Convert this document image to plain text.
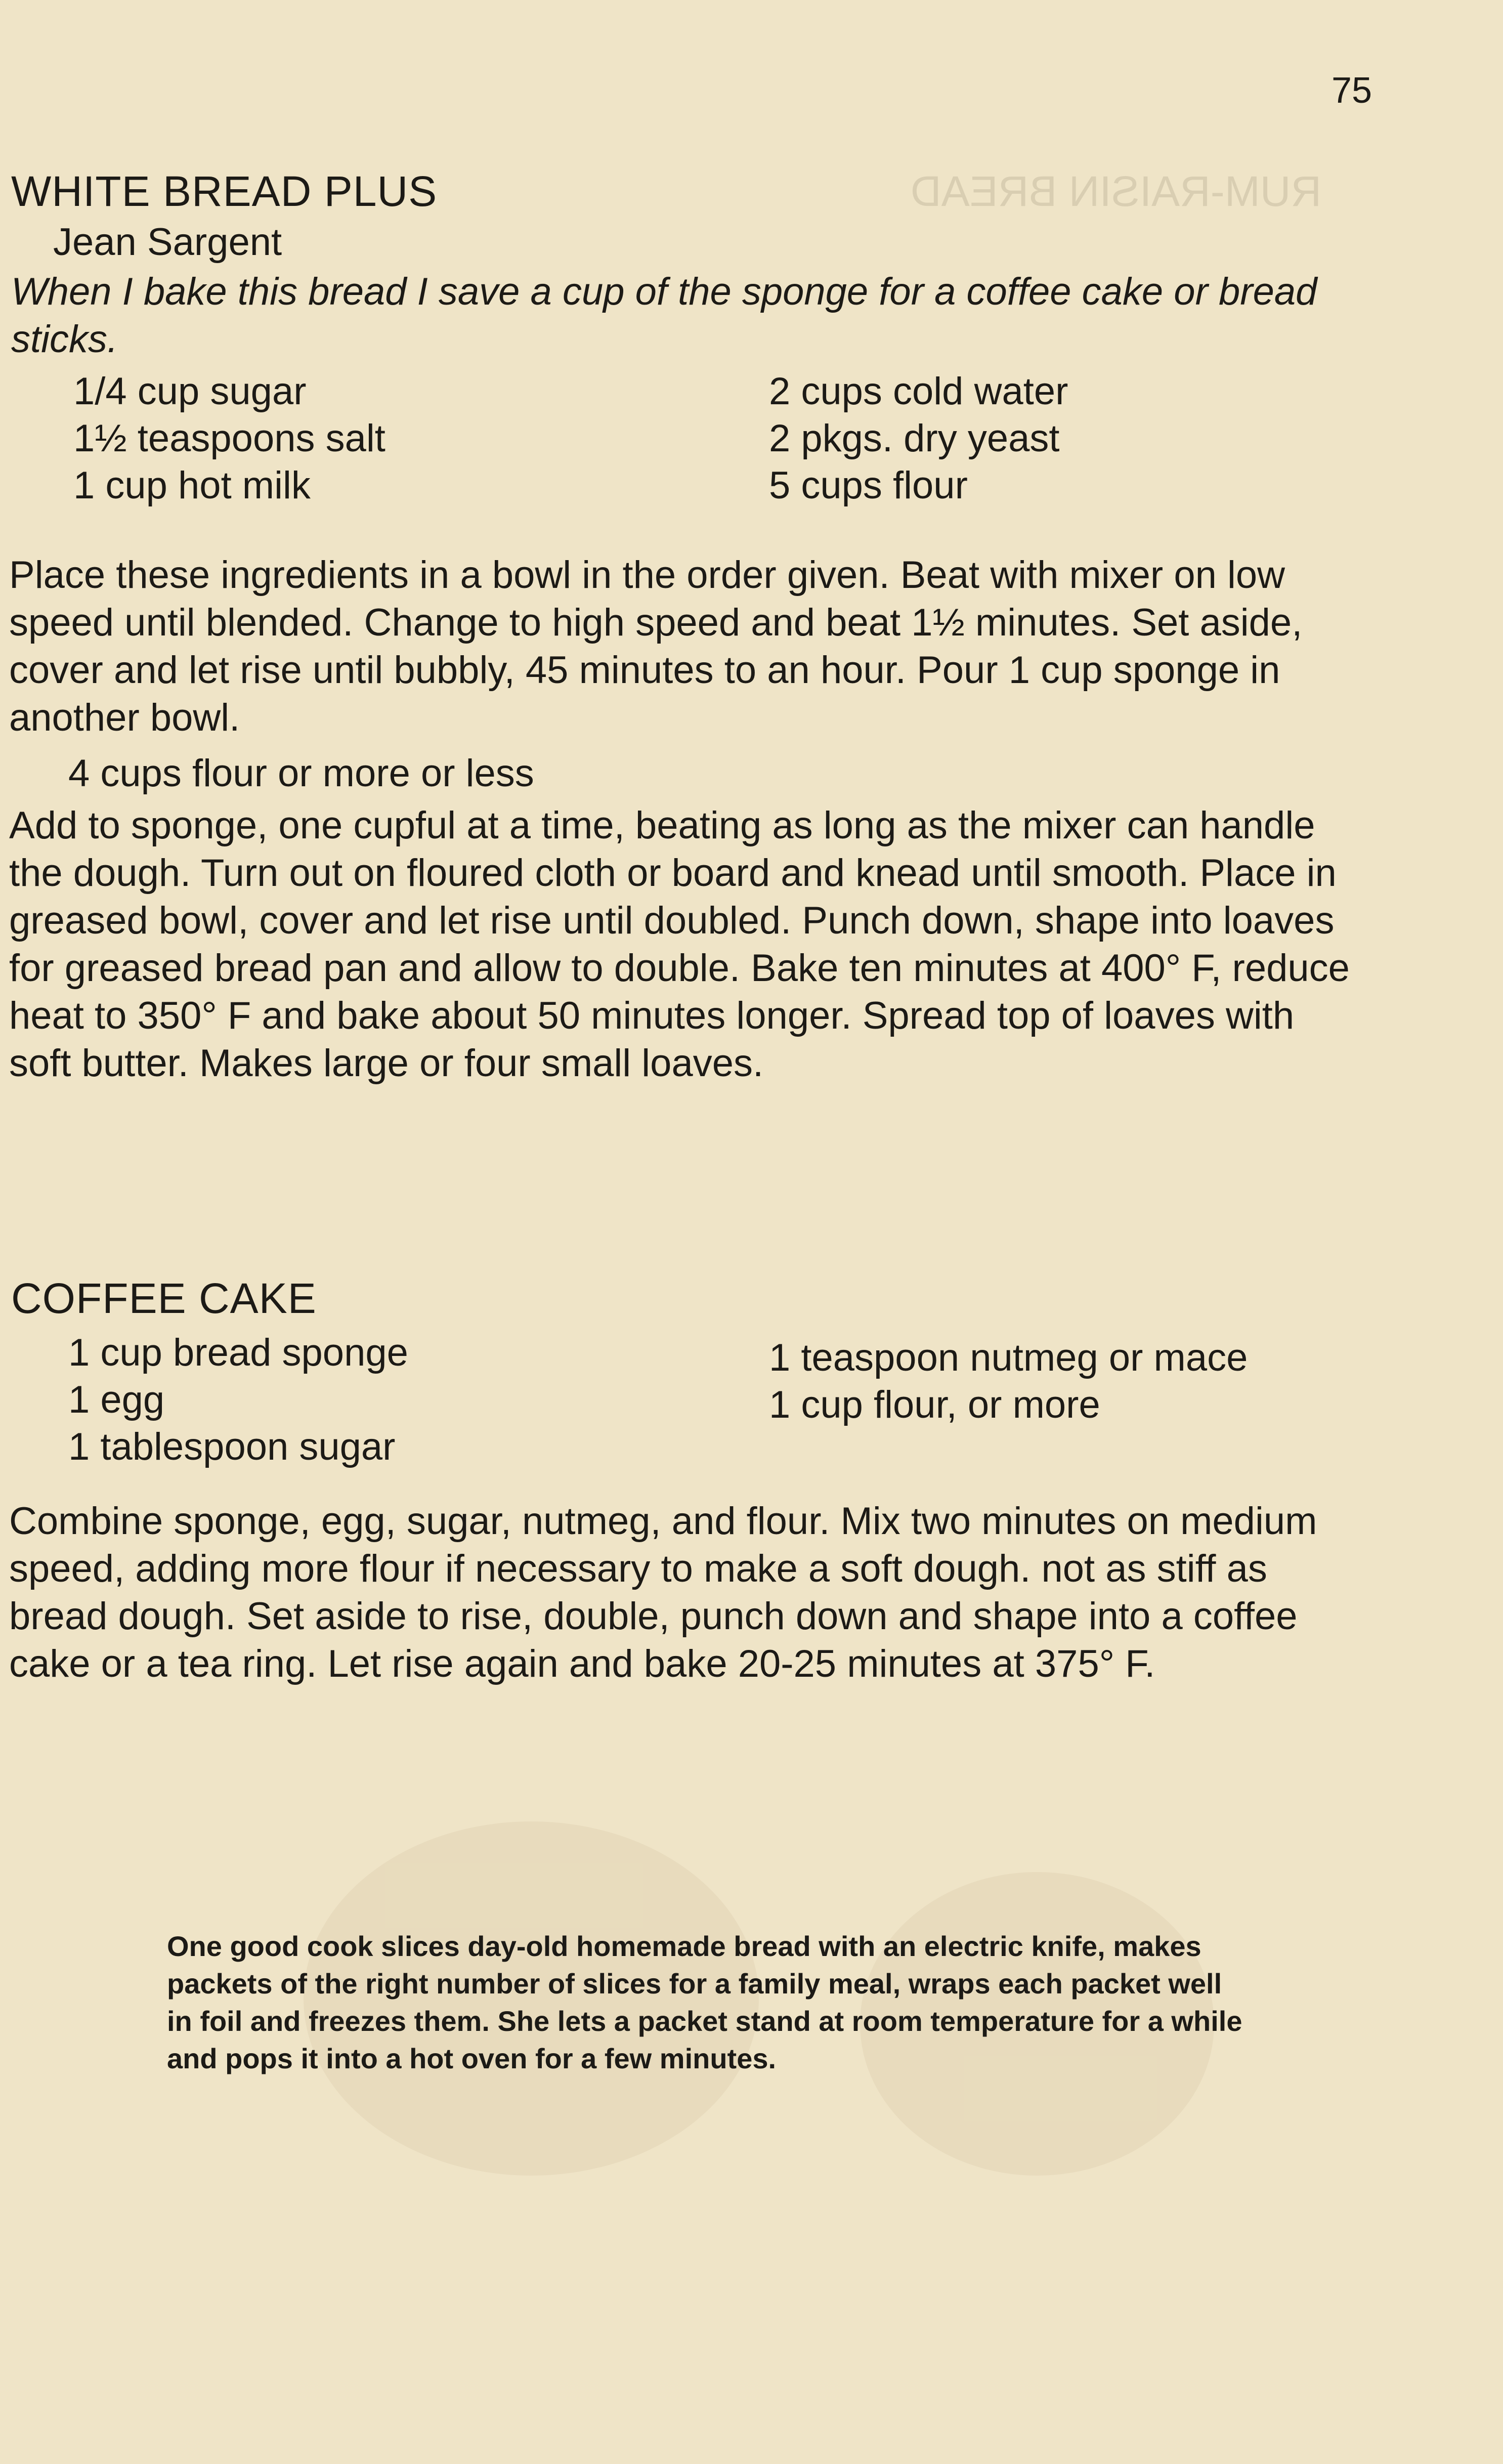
RUM-RAISIN BREAD
75
WHITE BREAD PLUS
Jean Sargent
When I bake this bread I save a cup of the sponge for a coffee cake or bread sticks.
1/4 cup sugar
1½ teaspoons salt
1 cup hot milk
2 cups cold water
2 pkgs. dry yeast
5 cups flour
Place these ingredients in a bowl in the order given. Beat with mixer on low speed until blended. Change to high speed and beat 1½ minutes. Set aside, cover and let rise until bubbly, 45 minutes to an hour. Pour 1 cup sponge in another bowl.
4 cups flour or more or less
Add to sponge, one cupful at a time, beating as long as the mixer can handle the dough. Turn out on floured cloth or board and knead until smooth. Place in greased bowl, cover and let rise until doubled. Punch down, shape into loaves for greased bread pan and allow to double. Bake ten minutes at 400° F, reduce heat to 350° F and bake about 50 minutes longer. Spread top of loaves with soft butter. Makes large or four small loaves.
COFFEE CAKE
1 cup bread sponge
1 egg
1 tablespoon sugar
1 teaspoon nutmeg or mace
1 cup flour, or more
Combine sponge, egg, sugar, nutmeg, and flour. Mix two minutes on medium speed, adding more flour if necessary to make a soft dough. not as stiff as bread dough. Set aside to rise, double, punch down and shape into a coffee cake or a tea ring. Let rise again and bake 20-25 minutes at 375° F.
One good cook slices day-old homemade bread with an electric knife, makes packets of the right number of slices for a family meal, wraps each packet well in foil and freezes them. She lets a packet stand at room temperature for a while and pops it into a hot oven for a few minutes.
